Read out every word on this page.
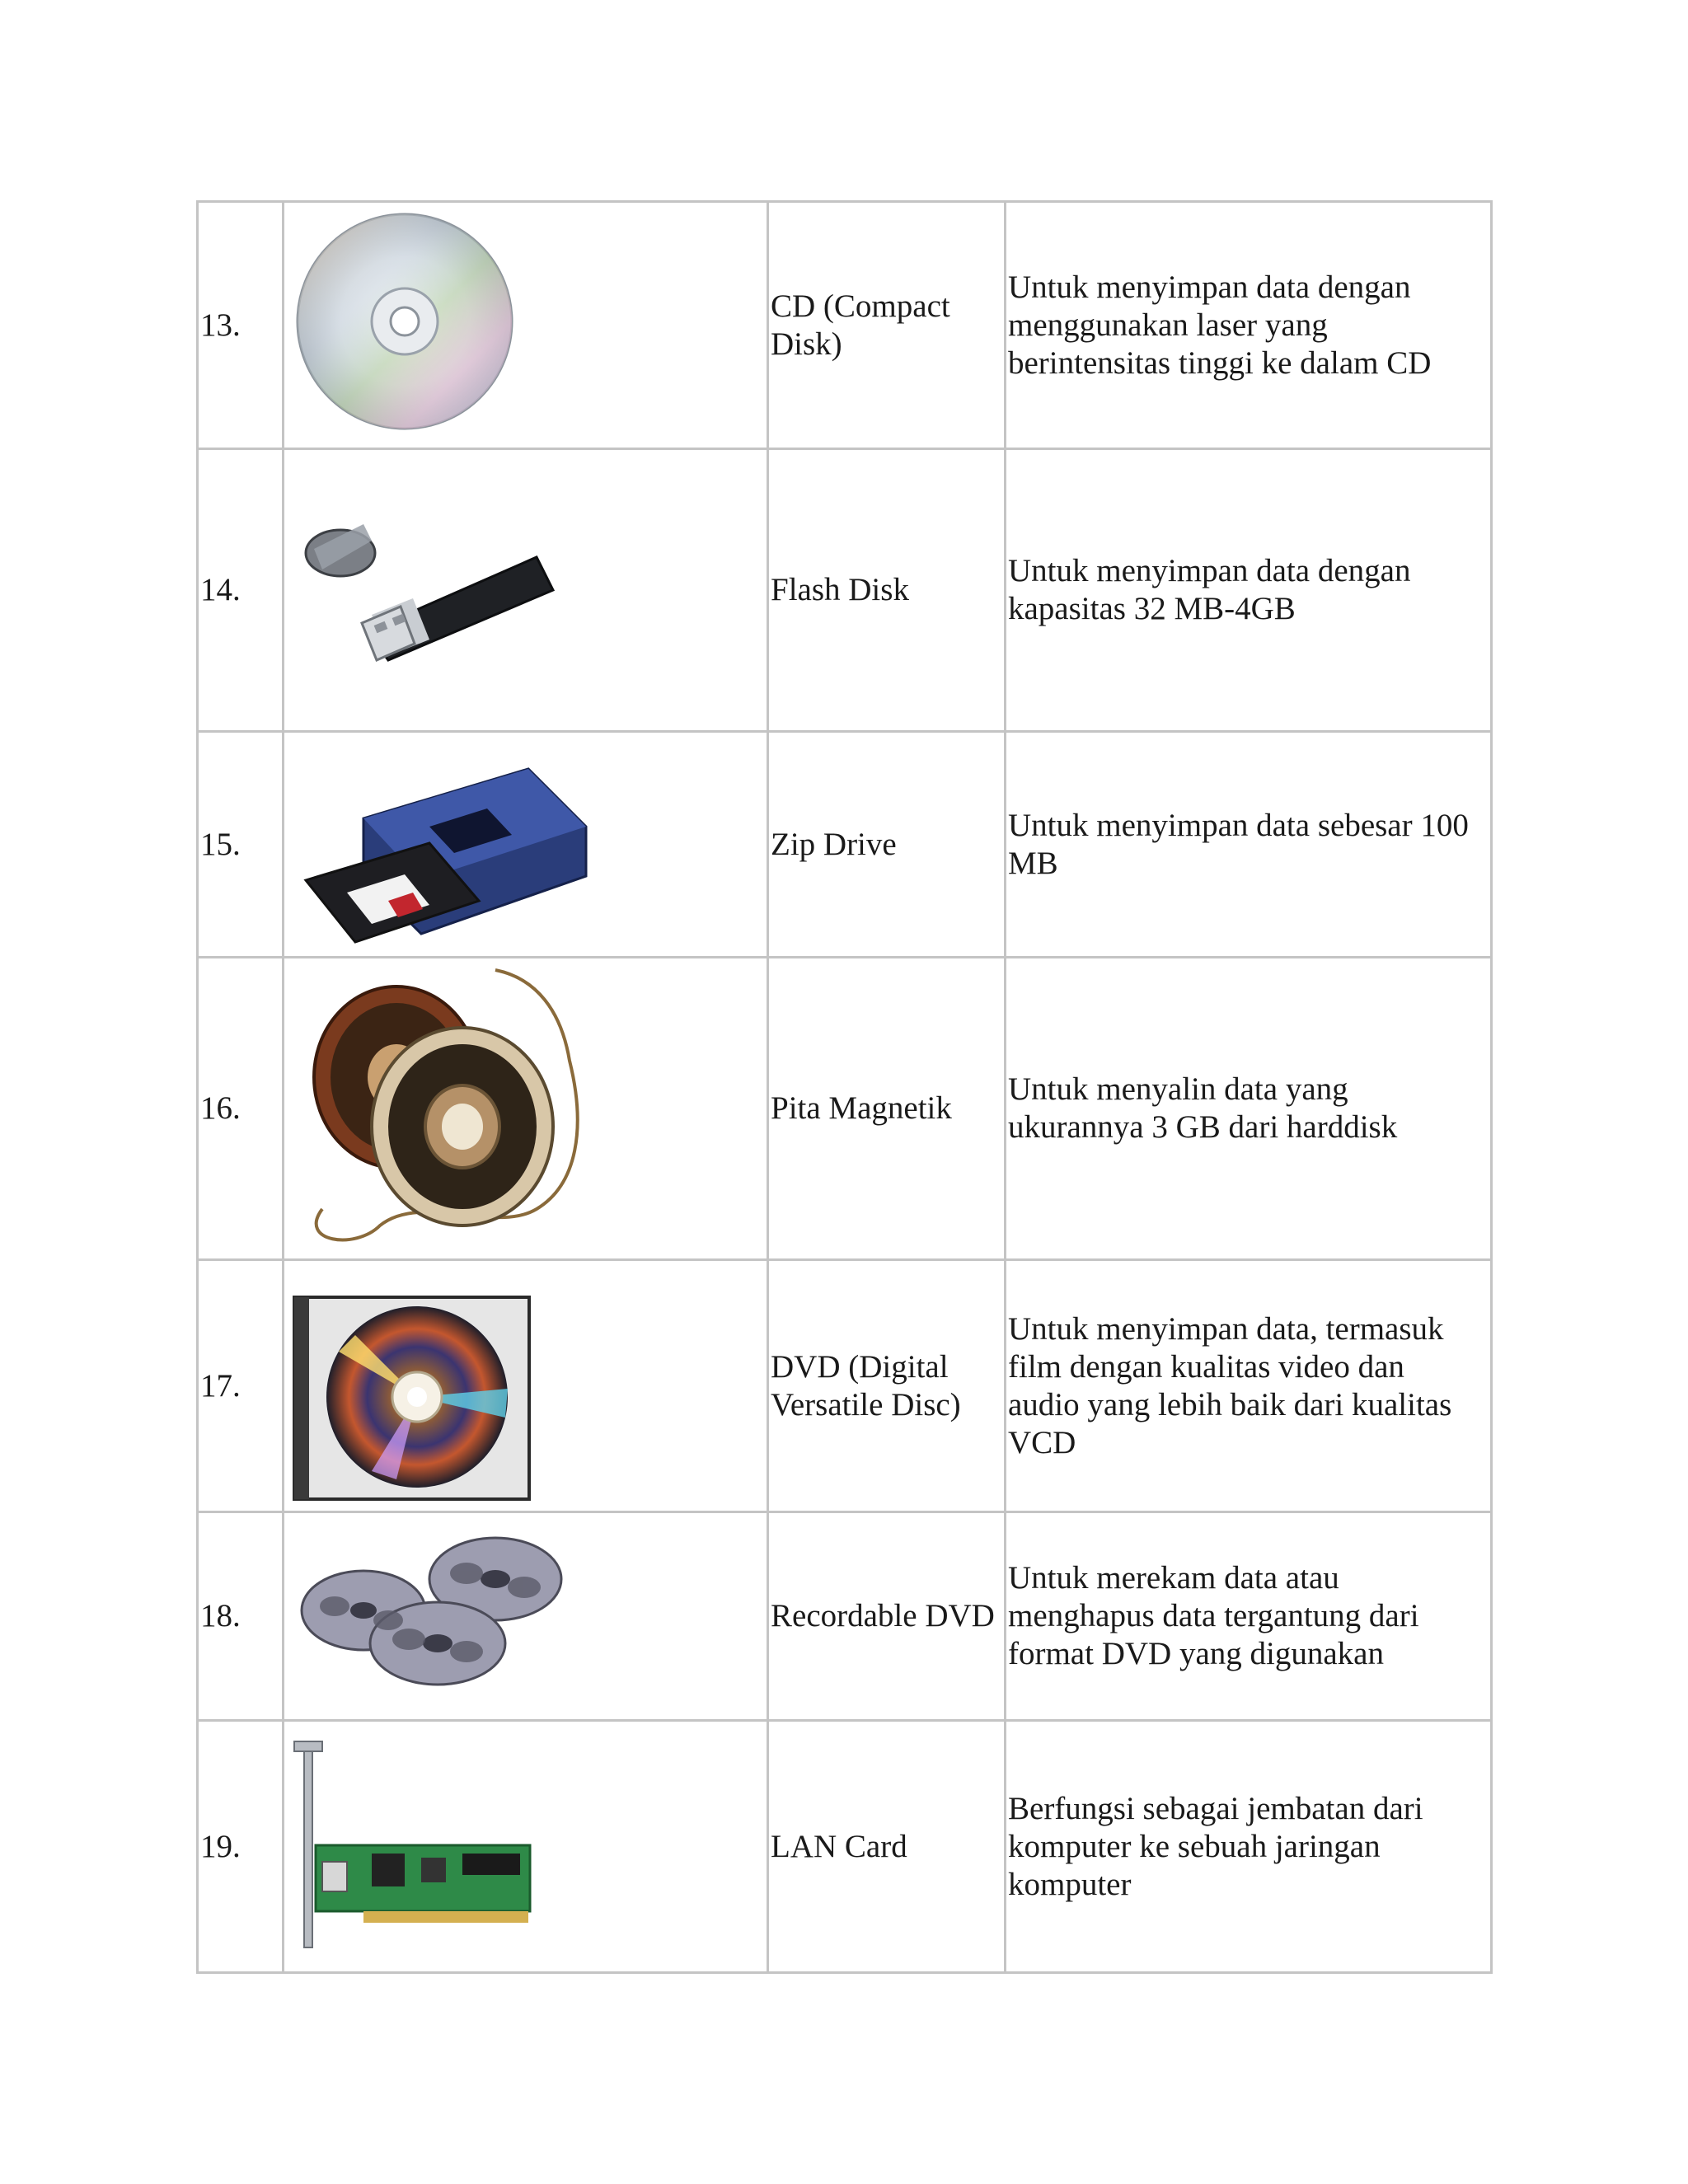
13.		CD (Compact Disk)	Untuk menyimpan data dengan
menggunakan laser yang
berintensitas tinggi ke dalam CD
14.		Flash Disk	Untuk menyimpan data dengan
kapasitas 32 MB-4GB
15.		Zip Drive	Untuk menyimpan data sebesar 100
MB
16.		Pita Magnetik	Untuk menyalin data yang
ukurannya 3 GB dari harddisk
17.		DVD (Digital Versatile Disc)	Untuk menyimpan data, termasuk
film dengan kualitas video dan
audio yang lebih baik dari kualitas
VCD
18.		Recordable DVD	Untuk merekam data atau
menghapus data tergantung dari
format DVD yang digunakan
19.		LAN Card	Berfungsi sebagai jembatan dari
komputer ke sebuah jaringan
komputer
